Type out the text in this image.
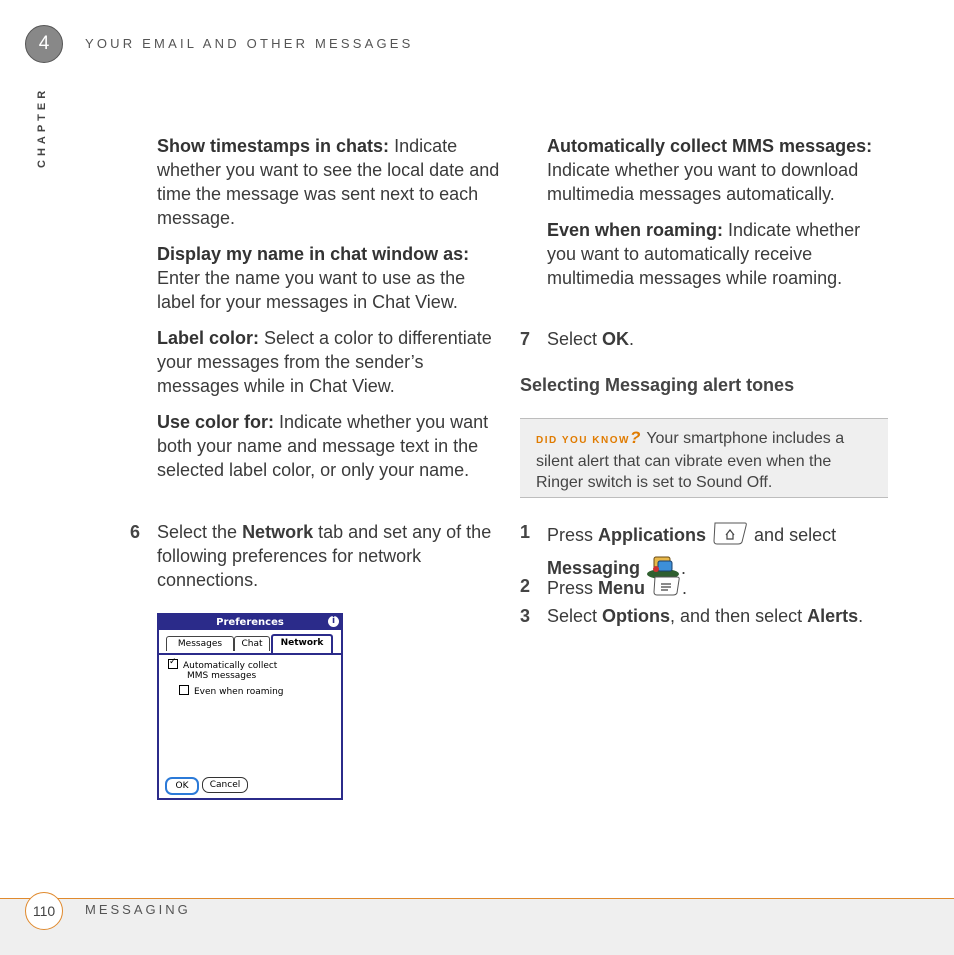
4	YOUR EMAIL AND OTHER MESSAGES
CHAPTER	Show timestamps in chats: Indicate whether you want to see the local date and time the message was sent next to each message.

Display my name in chat window as: Enter the name you want to use as the label for your messages in Chat View.

Label color: Select a color to differentiate your messages from the sender’s messages while in Chat View.

Use color for: Indicate whether you want both your name and message text in the selected label color, or only your name.

6 Select the Network tab and set any of the following preferences for network connections.
Preferences	i
Messages	Chat	Network
✓Automatically collect
MMS messages
Even when roaming
OK	Cancel

Automatically collect MMS messages: Indicate whether you want to download multimedia messages automatically.

Even when roaming: Indicate whether you want to automatically receive multimedia messages while roaming.

7 Select OK.
Selecting Messaging alert tones
DID YOU KNOW? Your smartphone includes a silent alert that can vibrate even when the Ringer switch is set to Sound Off.
1 Press Applications  and select
Messaging .
2 Press Menu .
3 Select Options, and then select Alerts.
110	MESSAGING
